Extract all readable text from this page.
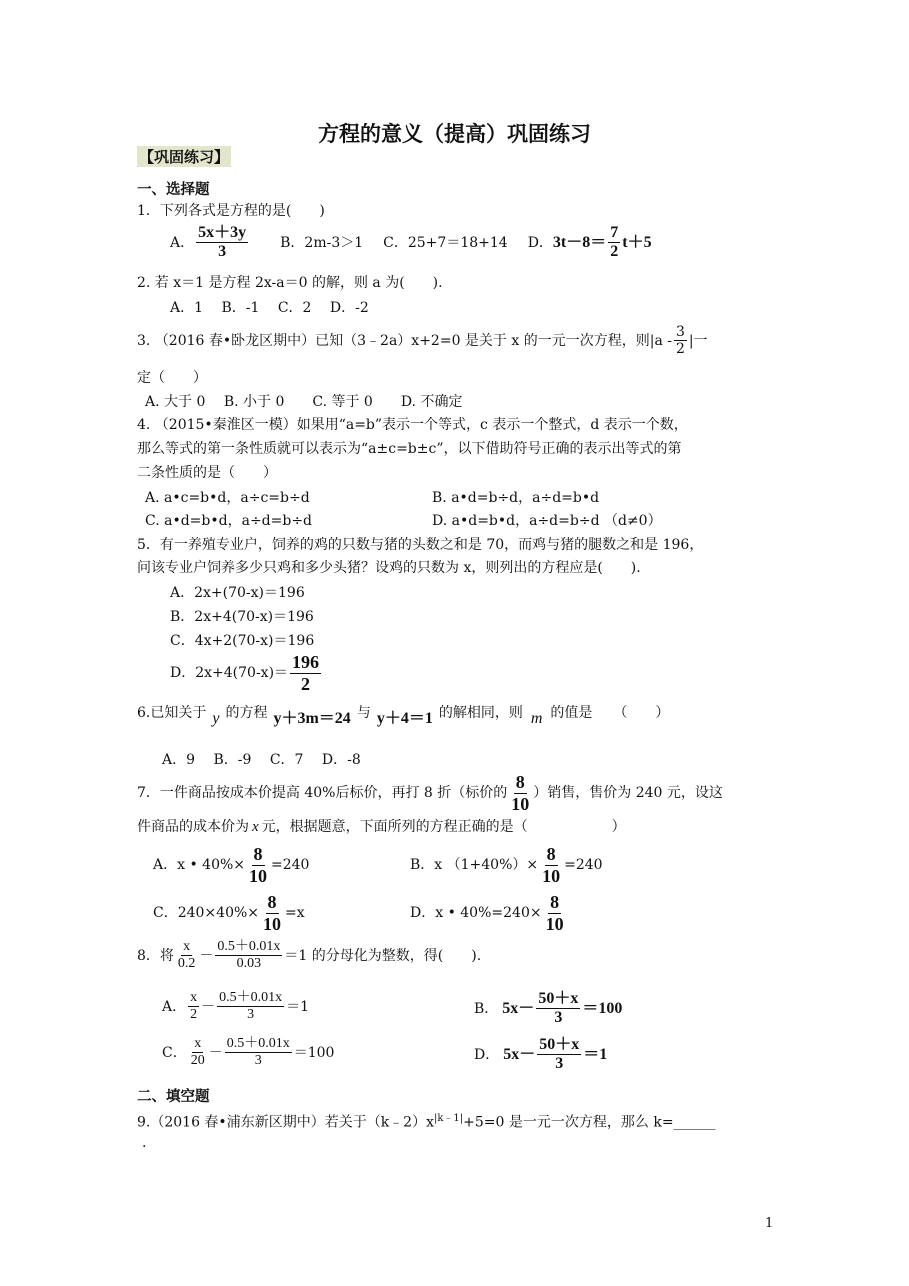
方程的意义（提高）巩固练习
【巩固练习】
一、选择题
1．下列各式是方程的是(　　)
A． $\frac{5x+3y}{3}$ B．2m-3＞1 C．25+7＝18+14 D． $3t-8= \frac{7}{2} t+5$
2. 若 x＝1 是方程 2x-a＝0 的解，则 a 为(　　).
A．1　 B．-1　 C．2　 D．-2
3. （2016 春•卧龙区期中）已知（3﹣2a）x+2=0 是关于 x 的一元一次方程，则 $|a - \frac{3}{2}$ |一
定（　　）
A. 大于 0　 B. 小于 0　　C. 等于 0　　D. 不确定
4. （2015•秦淮区一模）如果用“a=b”表示一个等式，c 表示一个整式，d 表示一个数，
那么等式的第一条性质就可以表示为“a±c=b±c”，以下借助符号正确的表示出等式的第
二条性质的是（　　）
A. a•c=b•d，a÷c=b÷d	B. a•d=b÷d，a÷d=b•d
C. a•d=b•d，a÷d=b÷d	D. a•d=b•d，a÷d=b÷d （d≠0）
5．有一养殖专业户，饲养的鸡的只数与猪的头数之和是 70，而鸡与猪的腿数之和是 196，
问该专业户饲养多少只鸡和多少头猪？设鸡的只数为 x，则列出的方程应是(　　).
A．2x+(70-x)＝196
B．2x+4(70-x)＝196
C．4x+2(70-x)＝196
D．$2x+4(70-x)= \frac{196}{2}$
6.已知关于 y 的方程 y＋3m＝24 与 y＋4＝1 的解相同，则 m 的值是　　（　　）
A．9　 B．-9　 C．7　 D．-8
7．一件商品按成本价提高 40%后标价，再打 8 折（标价的 $\frac{8}{10}$ ）销售，售价为 240 元，设这
件商品的成本价为 x 元，根据题意，下面所列的方程正确的是（　　　　　　）
A．x • $40\%\times \frac{8}{10} =240$	B．x $(1+40\%)\times \frac{8}{10} =240$
C．$240\times 40\%\times \frac{8}{10} =x$	D．x • $40\%=240\times \frac{8}{10}$
8．将 $\frac{x}{0.2} - \frac{0.5+0.01x}{0.03} =1$ 的分母化为整数，得(　　).
A． $\frac{x}{2} - \frac{0.5+0.01x}{3} =1$	B． $5x- \frac{50+x}{3} =100$
C． $\frac{x}{20} - \frac{0.5+0.01x}{3} =100$	D． $5x- \frac{50+x}{3} =1$
二、填空题
9.（2016 春•浦东新区期中）若关于$(k﹣2)x^{|k﹣1|}+5=0$ 是一元一次方程，那么 k=______
.
1
